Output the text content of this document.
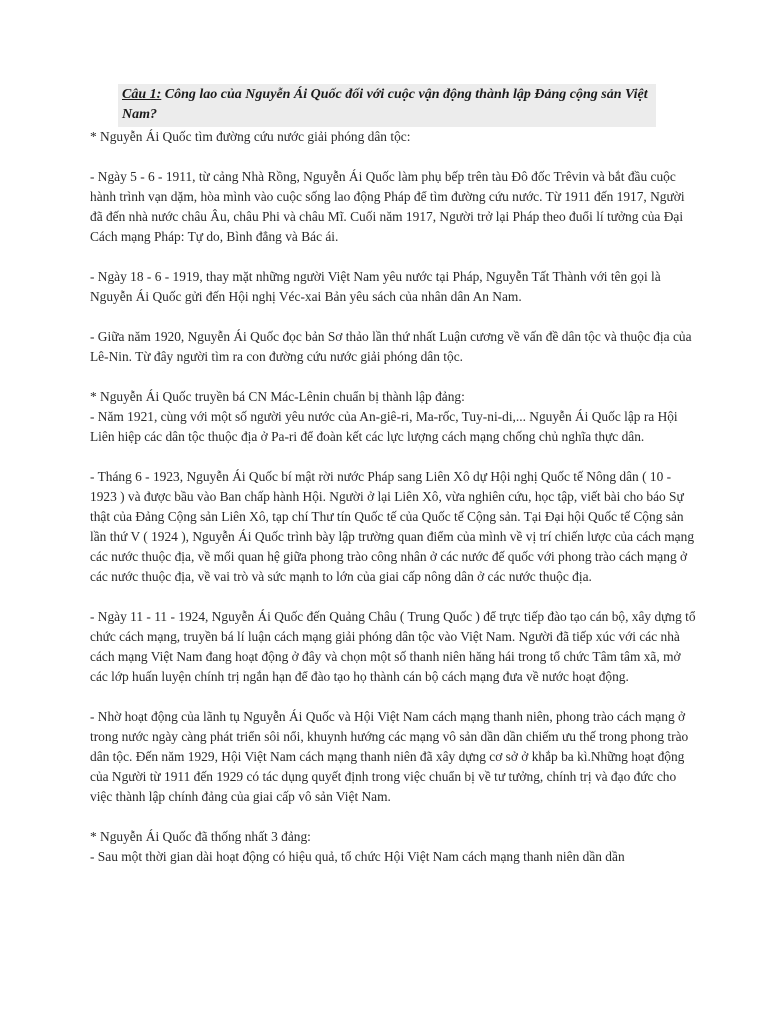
Câu 1: Công lao của Nguyễn Ái Quốc đối với cuộc vận động thành lập Đảng cộng sản Việt Nam?

* Nguyễn Ái Quốc tìm đường cứu nước giải phóng dân tộc:

- Ngày 5 - 6 - 1911, từ cảng Nhà Rồng, Nguyễn Ái Quốc làm phụ bếp trên tàu Đô đốc Trêvin và bắt đầu cuộc hành trình vạn dặm, hòa mình vào cuộc sống lao động Pháp để tìm đường cứu nước. Từ 1911 đến 1917, Người đã đến nhà nước châu Âu, châu Phi và châu Mĩ. Cuối năm 1917, Người trở lại Pháp theo đuổi lí tưởng của Đại Cách mạng Pháp: Tự do, Bình đẳng và Bác ái.

- Ngày 18 - 6 - 1919, thay mặt những người Việt Nam yêu nước tại Pháp, Nguyễn Tất Thành với tên gọi là Nguyễn Ái Quốc gửi đến Hội nghị Véc-xai Bản yêu sách của nhân dân An Nam.

- Giữa năm 1920, Nguyễn Ái Quốc đọc bản Sơ thảo lần thứ nhất Luận cương về vấn đề dân tộc và thuộc địa của Lê-Nin. Từ đây người tìm ra con đường cứu nước giải phóng dân tộc.

* Nguyễn Ái Quốc truyền bá CN Mác-Lênin chuẩn bị thành lập đảng:

- Năm 1921, cùng với một số người yêu nước của An-giê-ri, Ma-rốc, Tuy-ni-di,... Nguyễn Ái Quốc lập ra Hội Liên hiệp các dân tộc thuộc địa ở Pa-ri để đoàn kết các lực lượng cách mạng chống chủ nghĩa thực dân.

- Tháng 6 - 1923, Nguyễn Ái Quốc bí mật rời nước Pháp sang Liên Xô dự Hội nghị Quốc tế Nông dân ( 10 - 1923 ) và được bầu vào Ban chấp hành Hội. Người ở lại Liên Xô, vừa nghiên cứu, học tập, viết bài cho báo Sự thật của Đảng Cộng sản Liên Xô, tạp chí Thư tín Quốc tế của Quốc tế Cộng sản. Tại Đại hội Quốc tế Cộng sản lần thứ V ( 1924 ), Nguyễn Ái Quốc trình bày lập trường quan điểm của mình về vị trí chiến lược của cách mạng các nước thuộc địa, về mối quan hệ giữa phong trào công nhân ở các nước đế quốc với phong trào cách mạng ở các nước thuộc địa, về vai trò và sức mạnh to lớn của giai cấp nông dân ở các nước thuộc địa.

- Ngày 11 - 11 - 1924, Nguyễn Ái Quốc đến Quảng Châu ( Trung Quốc ) để trực tiếp đào tạo cán bộ, xây dựng tổ chức cách mạng, truyền bá lí luận cách mạng giải phóng dân tộc vào Việt Nam. Người đã tiếp xúc với các nhà cách mạng Việt Nam đang hoạt động ở đây và chọn một số thanh niên hăng hái trong tổ chức Tâm tâm xã, mở các lớp huấn luyện chính trị ngắn hạn để đào tạo họ thành cán bộ cách mạng đưa về nước hoạt động.

- Nhờ hoạt động của lãnh tụ Nguyễn Ái Quốc và Hội Việt Nam cách mạng thanh niên, phong trào cách mạng ở trong nước ngày càng phát triển sôi nổi, khuynh hướng các mạng vô sản dần dần chiếm ưu thế trong phong trào dân tộc. Đến năm 1929, Hội Việt Nam cách mạng thanh niên đã xây dựng cơ sở ở khắp ba kì.Những hoạt động của Người từ 1911 đến 1929 có tác dụng quyết định trong việc chuẩn bị về tư tưởng, chính trị và đạo đức cho việc thành lập chính đảng của giai cấp vô sản Việt Nam.

* Nguyễn Ái Quốc đã thống nhất 3 đảng:

- Sau một thời gian dài hoạt động có hiệu quả, tổ chức Hội Việt Nam cách mạng thanh niên dần dần
